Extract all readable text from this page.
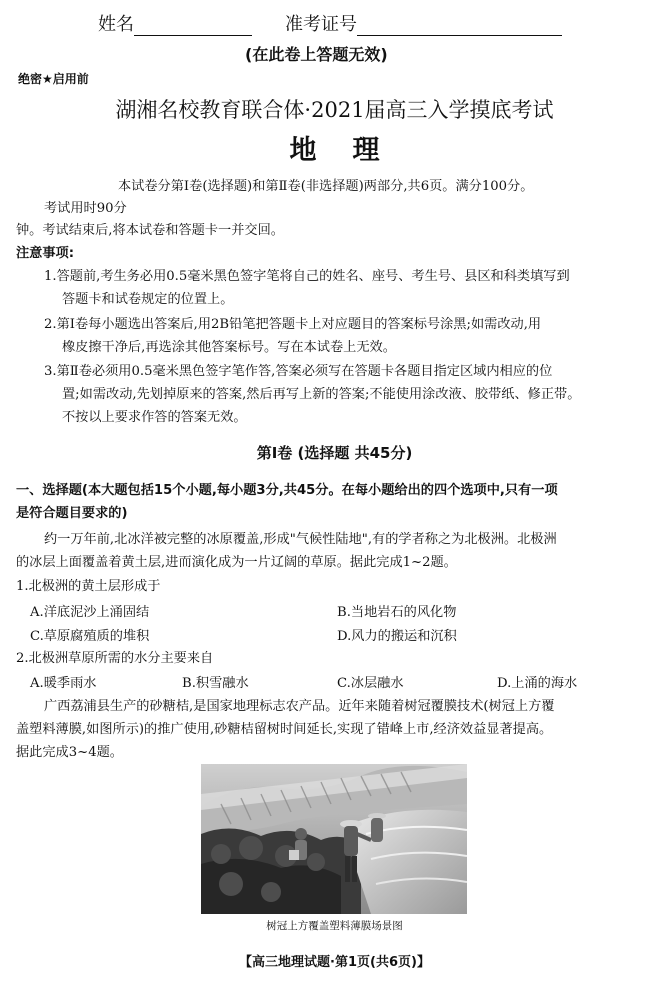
姓名	准考证号
(在此卷上答题无效)
绝密★启用前
湖湘名校教育联合体·2021届高三入学摸底考试
地理
本试卷分第Ⅰ卷(选择题)和第Ⅱ卷(非选择题)两部分,共6页。满分100分。
考试用时90分
钟。考试结束后,将本试卷和答题卡一并交回。
注意事项:
1.答题前,考生务必用0.5毫米黑色签字笔将自己的姓名、座号、考生号、县区和科类填写到
答题卡和试卷规定的位置上。
2.第Ⅰ卷每小题选出答案后,用2B铅笔把答题卡上对应题目的答案标号涂黑;如需改动,用
橡皮擦干净后,再选涂其他答案标号。写在本试卷上无效。
3.第Ⅱ卷必须用0.5毫米黑色签字笔作答,答案必须写在答题卡各题目指定区域内相应的位
置;如需改动,先划掉原来的答案,然后再写上新的答案;不能使用涂改液、胶带纸、修正带。
不按以上要求作答的答案无效。
第Ⅰ卷 (选择题 共45分)
一、选择题(本大题包括15个小题,每小题3分,共45分。在每小题给出的四个选项中,只有一项
是符合题目要求的)
约一万年前,北冰洋被完整的冰原覆盖,形成"气候性陆地",有的学者称之为北极洲。北极洲
的冰层上面覆盖着黄土层,进而演化成为一片辽阔的草原。据此完成1~2题。
1.北极洲的黄土层形成于
A.洋底泥沙上涌固结	B.当地岩石的风化物
C.草原腐殖质的堆积	D.风力的搬运和沉积
2.北极洲草原所需的水分主要来自
A.暖季雨水	B.积雪融水	C.冰层融水	D.上涌的海水
广西荔浦县生产的砂糖桔,是国家地理标志农产品。近年来随着树冠覆膜技术(树冠上方覆
盖塑料薄膜,如图所示)的推广使用,砂糖桔留树时间延长,实现了错峰上市,经济效益显著提高。
据此完成3~4题。
树冠上方覆盖塑料薄膜场景图
【高三地理试题·第1页(共6页)】
